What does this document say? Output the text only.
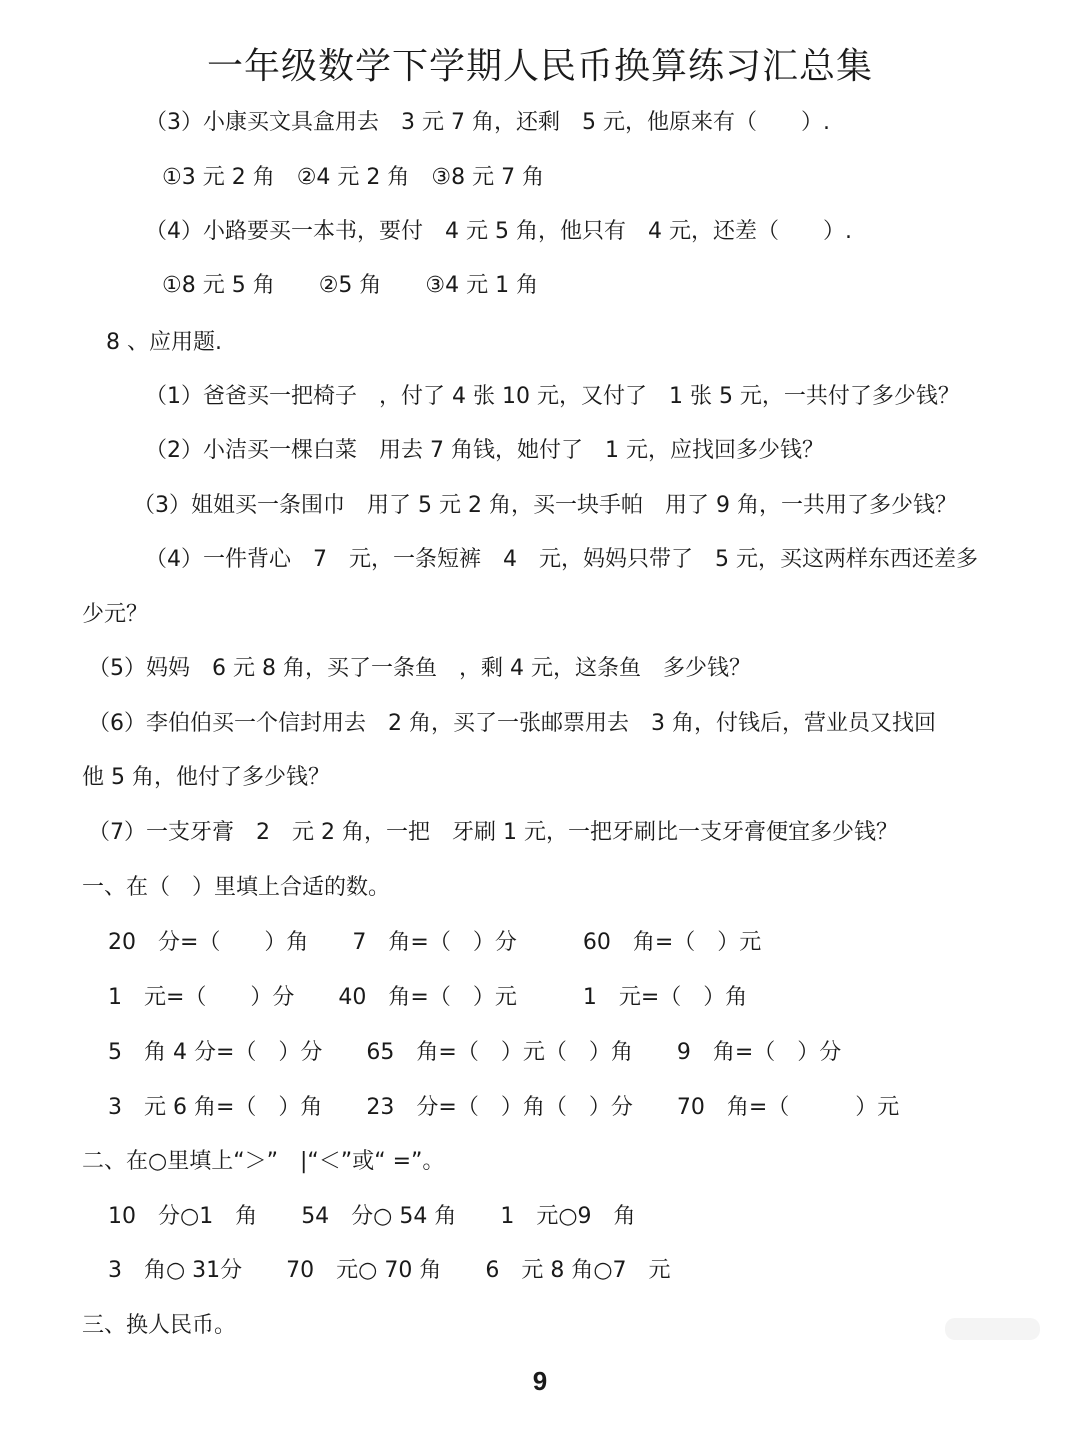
一年级数学下学期人民币换算练习汇总集
（3）小康买文具盒用去　3 元 7 角，还剩　5 元，他原来有（　　）.
①3 元 2 角　②4 元 2 角　③8 元 7 角
（4）小路要买一本书，要付　4 元 5 角，他只有　4 元，还差（　　）.
①8 元 5 角　　②5 角　　③4 元 1 角
8 、应用题.
（1）爸爸买一把椅子　，付了 4 张 10 元，又付了　1 张 5 元，一共付了多少钱？
（2）小洁买一棵白菜　用去 7 角钱，她付了　1 元，应找回多少钱？
（3）姐姐买一条围巾　用了 5 元 2 角，买一块手帕　用了 9 角，一共用了多少钱？
（4）一件背心　7　元，一条短裤　4　元，妈妈只带了　5 元，买这两样东西还差多
少元？
（5）妈妈　6 元 8 角，买了一条鱼　，剩 4 元，这条鱼　多少钱？
（6）李伯伯买一个信封用去　2 角，买了一张邮票用去　3 角，付钱后，营业员又找回
他 5 角，他付了多少钱？
（7）一支牙膏　2　元 2 角，一把　牙刷 1 元，一把牙刷比一支牙膏便宜多少钱？
一、在（　）里填上合适的数。
20　分=（　　）角　　7　角=（　）分　　　60　角=（　）元
1　元=（　　）分　　40　角=（　）元　　　1　元=（　）角
5　角 4 分=（　）分　　65　角=（　）元（　）角　　9　角=（　）分
3　元 6 角=（　）角　　23　分=（　）角（　）分　　70　角=（　　　）元
二、在○里填上“＞”　|“＜”或“ =”。
10　分○1　角　　54　分○ 54 角　　1　元○9　角
3　角○ 31分　　70　元○ 70 角　　6　元 8 角○7　元
三、换人民币。
9
